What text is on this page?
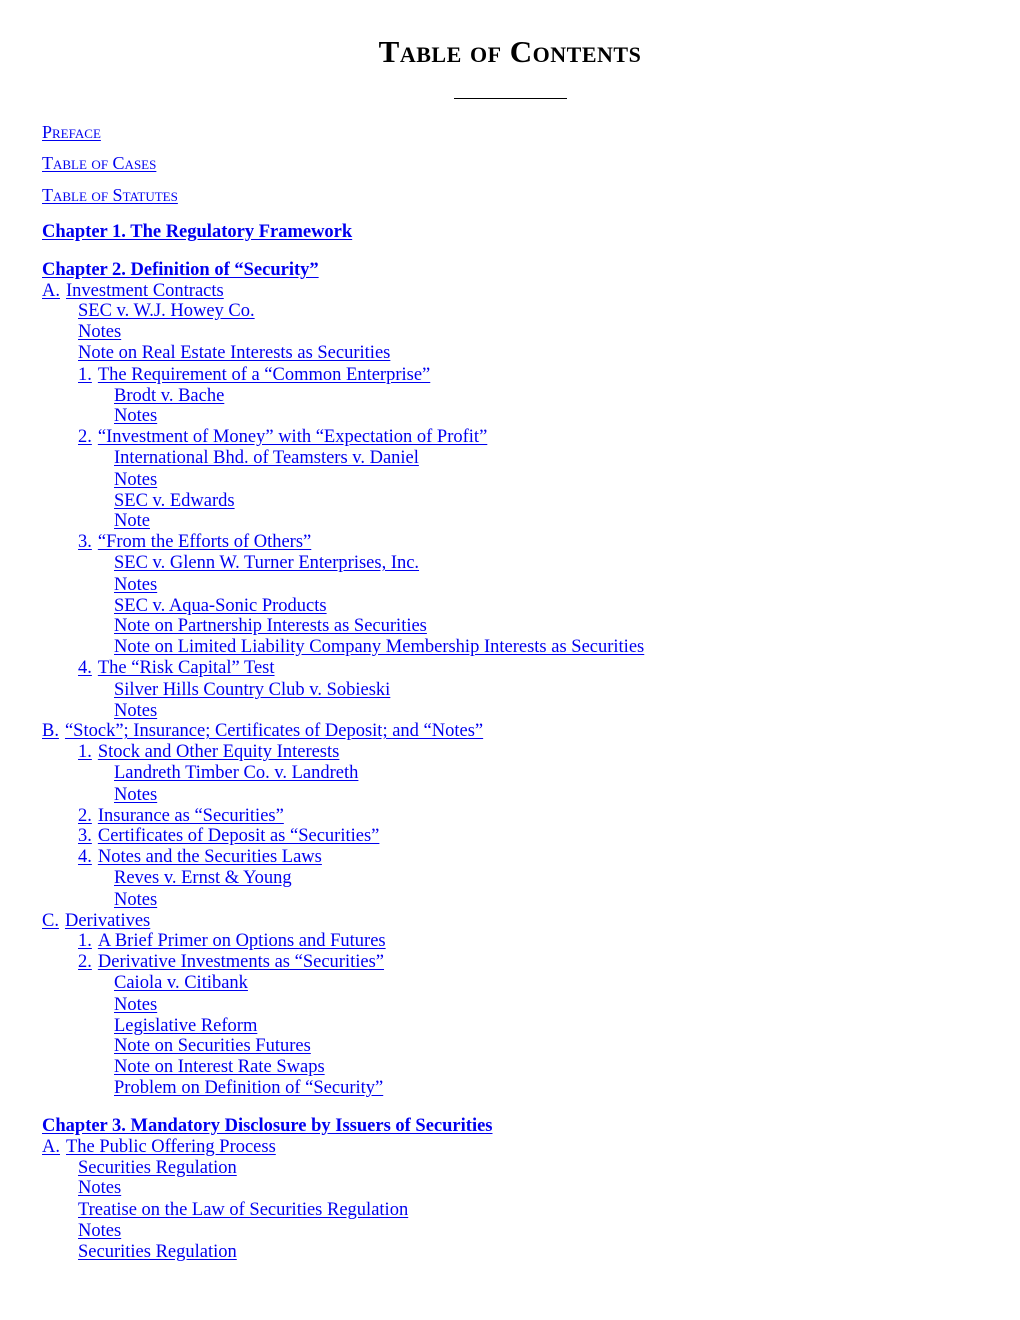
Table of Contents
Preface
Table of Cases
Table of Statutes
Chapter 1. The Regulatory Framework
Chapter 2. Definition of “Security”
A. Investment Contracts
SEC v. W.J. Howey Co.
Notes
Note on Real Estate Interests as Securities
1. The Requirement of a “Common Enterprise”
Brodt v. Bache
Notes
2. “Investment of Money” with “Expectation of Profit”
International Bhd. of Teamsters v. Daniel
Notes
SEC v. Edwards
Note
3. “From the Efforts of Others”
SEC v. Glenn W. Turner Enterprises, Inc.
Notes
SEC v. Aqua-Sonic Products
Note on Partnership Interests as Securities
Note on Limited Liability Company Membership Interests as Securities
4. The “Risk Capital” Test
Silver Hills Country Club v. Sobieski
Notes
B. “Stock”; Insurance; Certificates of Deposit; and “Notes”
1. Stock and Other Equity Interests
Landreth Timber Co. v. Landreth
Notes
2. Insurance as “Securities”
3. Certificates of Deposit as “Securities”
4. Notes and the Securities Laws
Reves v. Ernst & Young
Notes
C. Derivatives
1. A Brief Primer on Options and Futures
2. Derivative Investments as “Securities”
Caiola v. Citibank
Notes
Legislative Reform
Note on Securities Futures
Note on Interest Rate Swaps
Problem on Definition of “Security”
Chapter 3. Mandatory Disclosure by Issuers of Securities
A. The Public Offering Process
Securities Regulation
Notes
Treatise on the Law of Securities Regulation
Notes
Securities Regulation
